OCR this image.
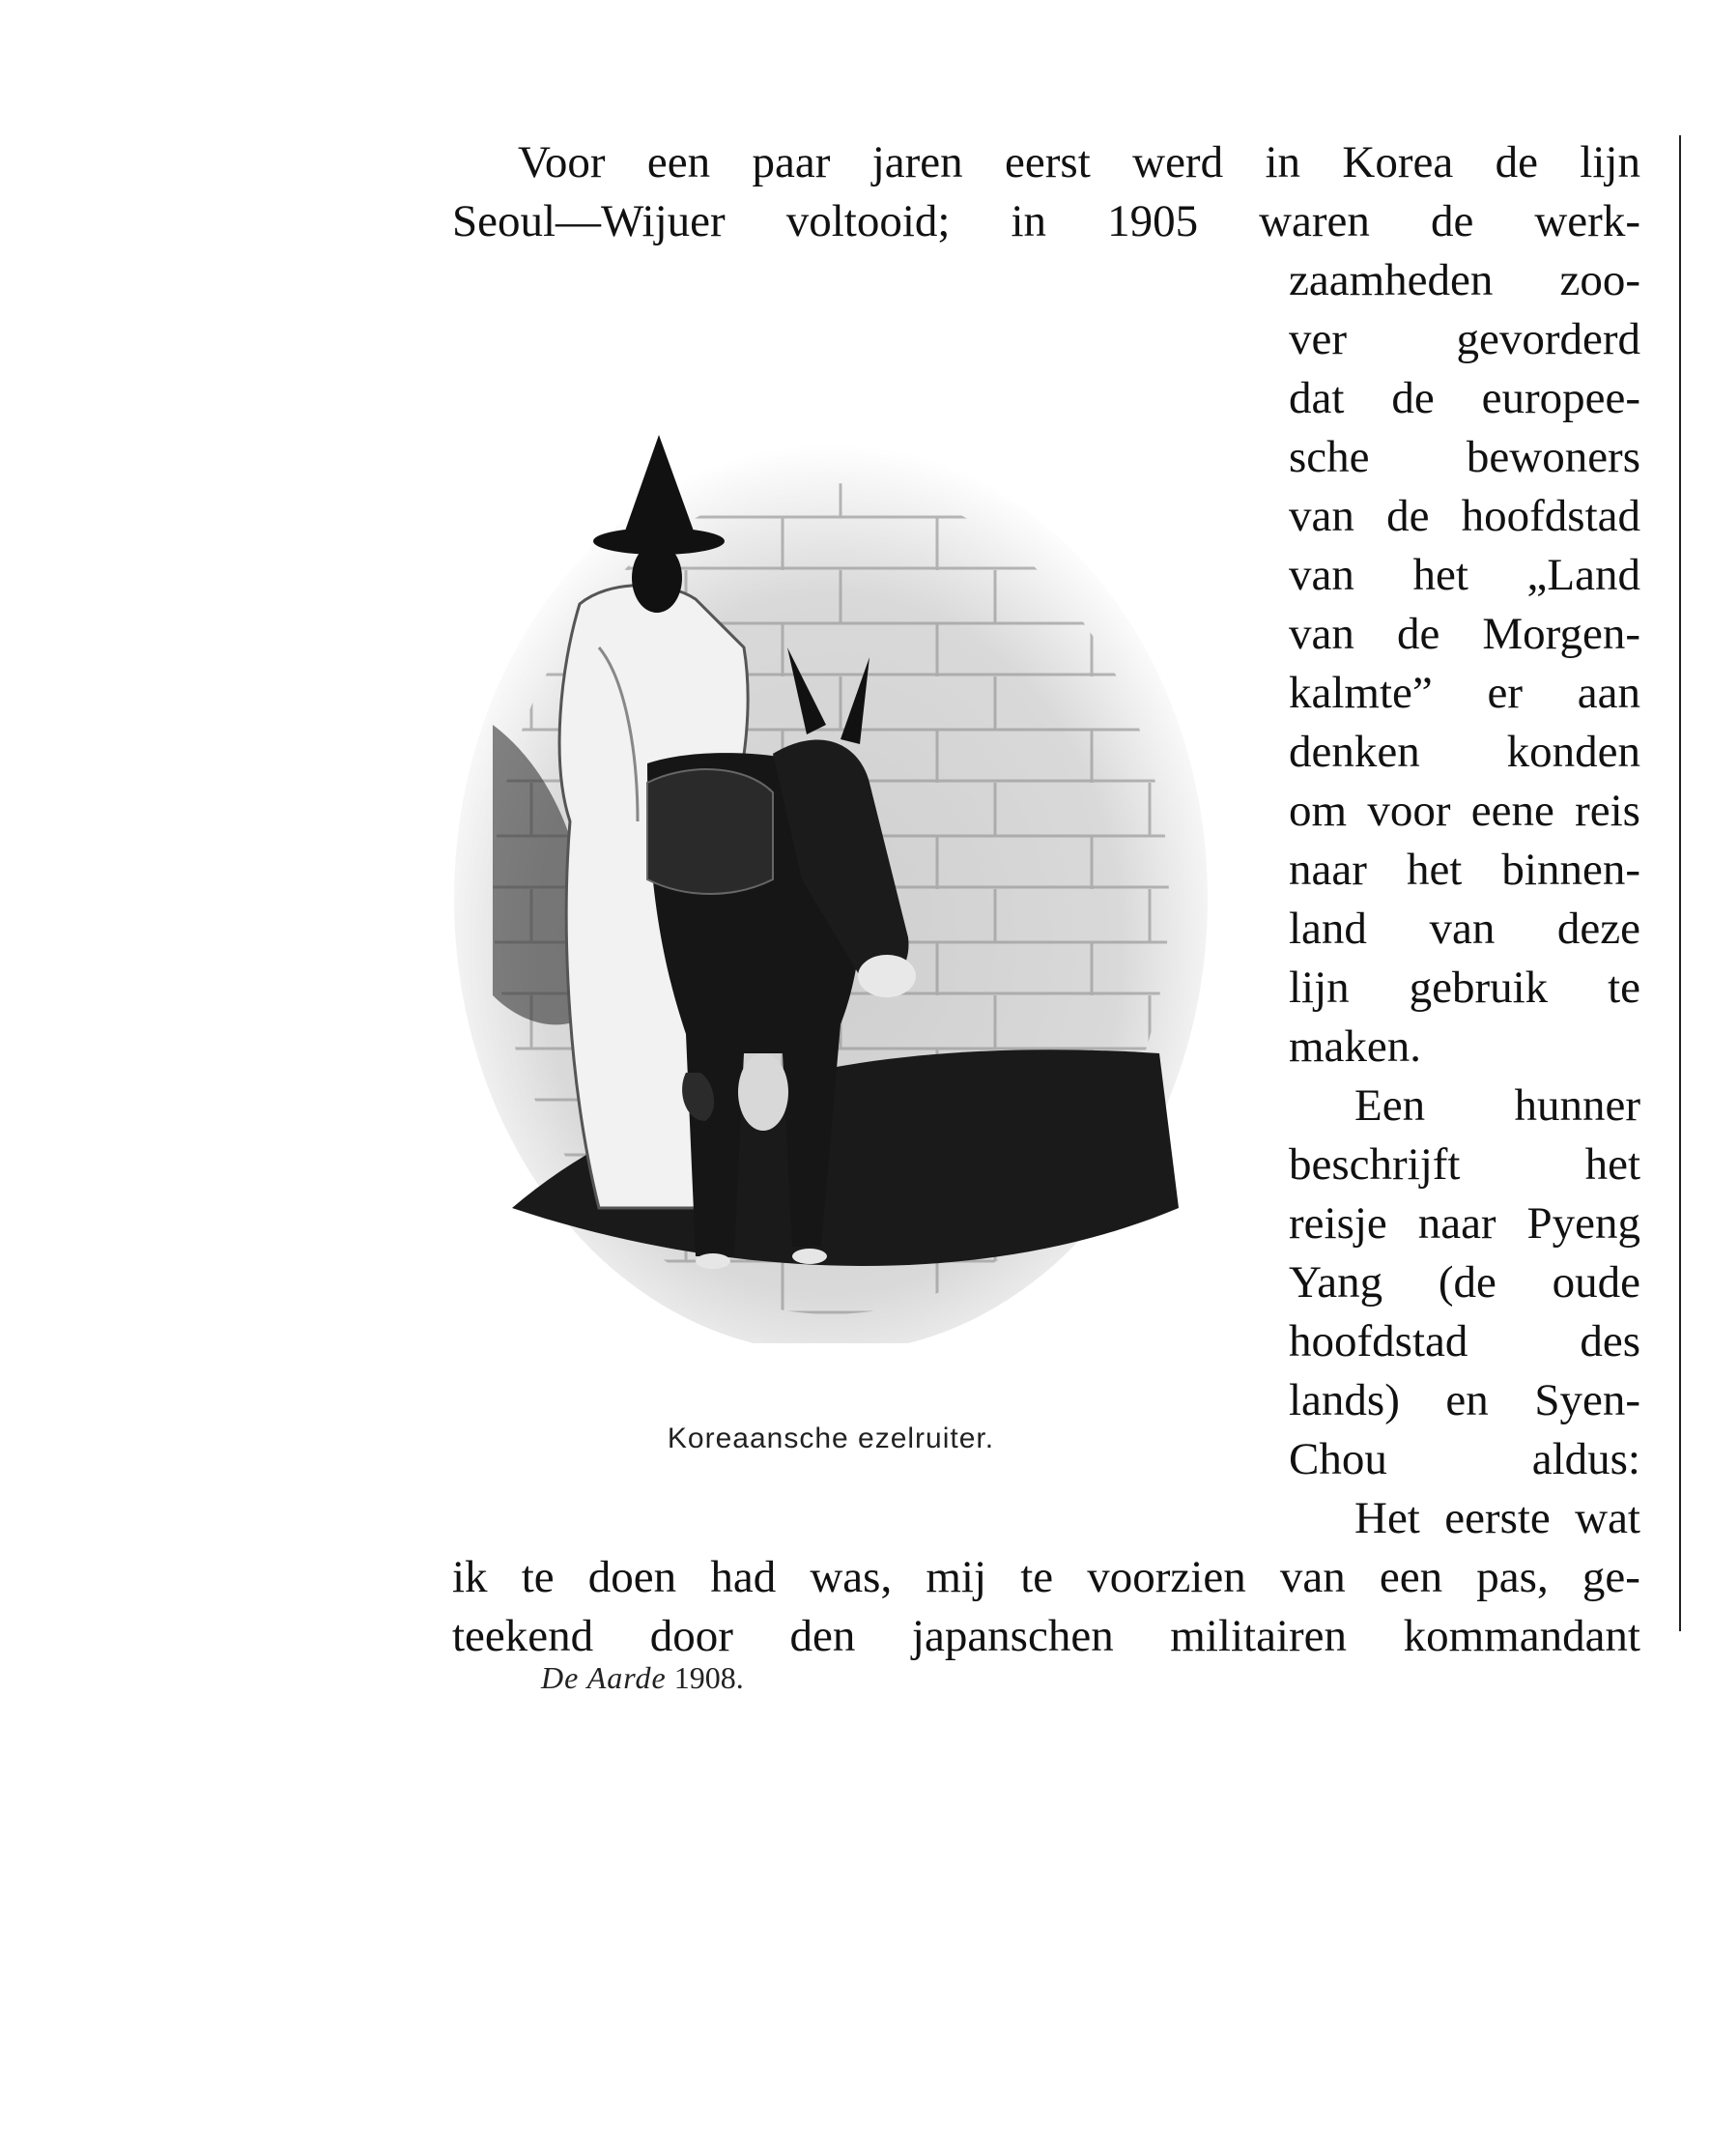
Voor een paar jaren eerst werd in Korea de lijn
Seoul—Wijuer voltooid; in 1905 waren de werk-
zaamheden zoo-
ver gevorderd
dat de europee-
sche bewoners
van de hoofdstad
van het „Land
van de Morgen-
kalmte” er aan
denken konden
om voor eene reis
naar het binnen-
land van deze
lijn gebruik te
maken.
Een hunner
beschrijft	het
reisje naar Pyeng
Yang (de oude
hoofdstad des
lands) en Syen-
Chou	aldus:
Het eerste wat
ik te doen had was, mij te voorzien van een pas, ge-
teekend door den japanschen militairen kommandant
Koreaansche ezelruiter.
De Aarde 1908.
